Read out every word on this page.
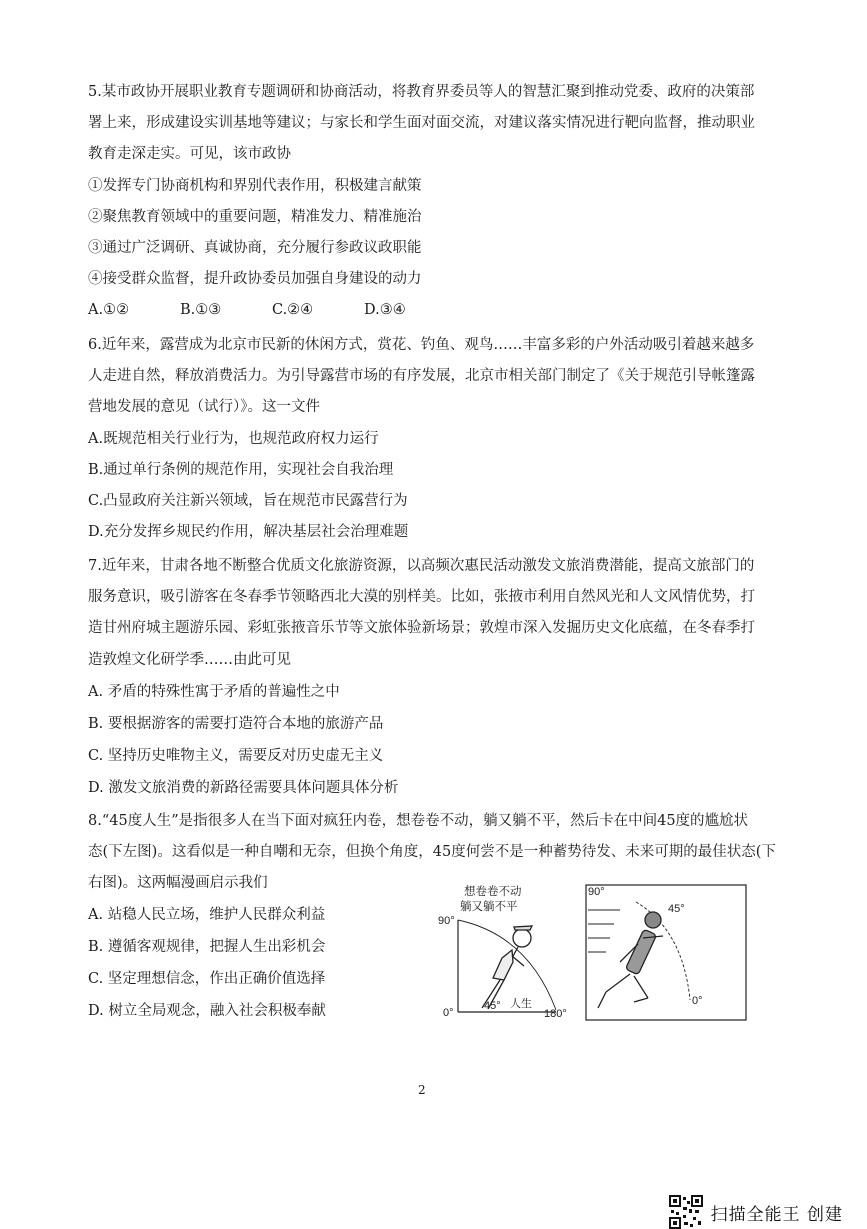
5.某市政协开展职业教育专题调研和协商活动，将教育界委员等人的智慧汇聚到推动党委、政府的决策部
署上来，形成建设实训基地等建议；与家长和学生面对面交流，对建议落实情况进行靶向监督，推动职业
教育走深走实。可见，该市政协
①发挥专门协商机构和界别代表作用，积极建言献策
②聚焦教育领域中的重要问题，精准发力、精准施治
③通过广泛调研、真诚协商，充分履行参政议政职能
④接受群众监督，提升政协委员加强自身建设的动力
A.①②	B.①③	C.②④	D.③④
6.近年来，露营成为北京市民新的休闲方式，赏花、钓鱼、观鸟……丰富多彩的户外活动吸引着越来越多
人走进自然，释放消费活力。为引导露营市场的有序发展，北京市相关部门制定了《关于规范引导帐篷露
营地发展的意见（试行）》。这一文件
A.既规范相关行业行为，也规范政府权力运行
B.通过单行条例的规范作用，实现社会自我治理
C.凸显政府关注新兴领域，旨在规范市民露营行为
D.充分发挥乡规民约作用，解决基层社会治理难题
7.近年来，甘肃各地不断整合优质文化旅游资源，以高频次惠民活动激发文旅消费潜能，提高文旅部门的
服务意识，吸引游客在冬春季节领略西北大漠的别样美。比如，张掖市利用自然风光和人文风情优势，打
造甘州府城主题游乐园、彩虹张掖音乐节等文旅体验新场景；敦煌市深入发掘历史文化底蕴，在冬春季打
造敦煌文化研学季……由此可见
A. 矛盾的特殊性寓于矛盾的普遍性之中
B. 要根据游客的需要打造符合本地的旅游产品
C. 坚持历史唯物主义，需要反对历史虚无主义
D. 激发文旅消费的新路径需要具体问题具体分析
8.“45度人生”是指很多人在当下面对疯狂内卷，想卷卷不动，躺又躺不平，然后卡在中间45度的尴尬状
态(下左图)。这看似是一种自嘲和无奈，但换个角度，45度何尝不是一种蓄势待发、未来可期的最佳状态(下
右图)。这两幅漫画启示我们
A. 站稳人民立场，维护人民群众利益
B. 遵循客观规律，把握人生出彩机会
C. 坚定理想信念，作出正确价值选择
D. 树立全局观念，融入社会积极奉献
想卷卷不动
躺又躺不平
90°
0°
45° 人生
180°
90°
45°
0°
2
扫描全能王 创建
